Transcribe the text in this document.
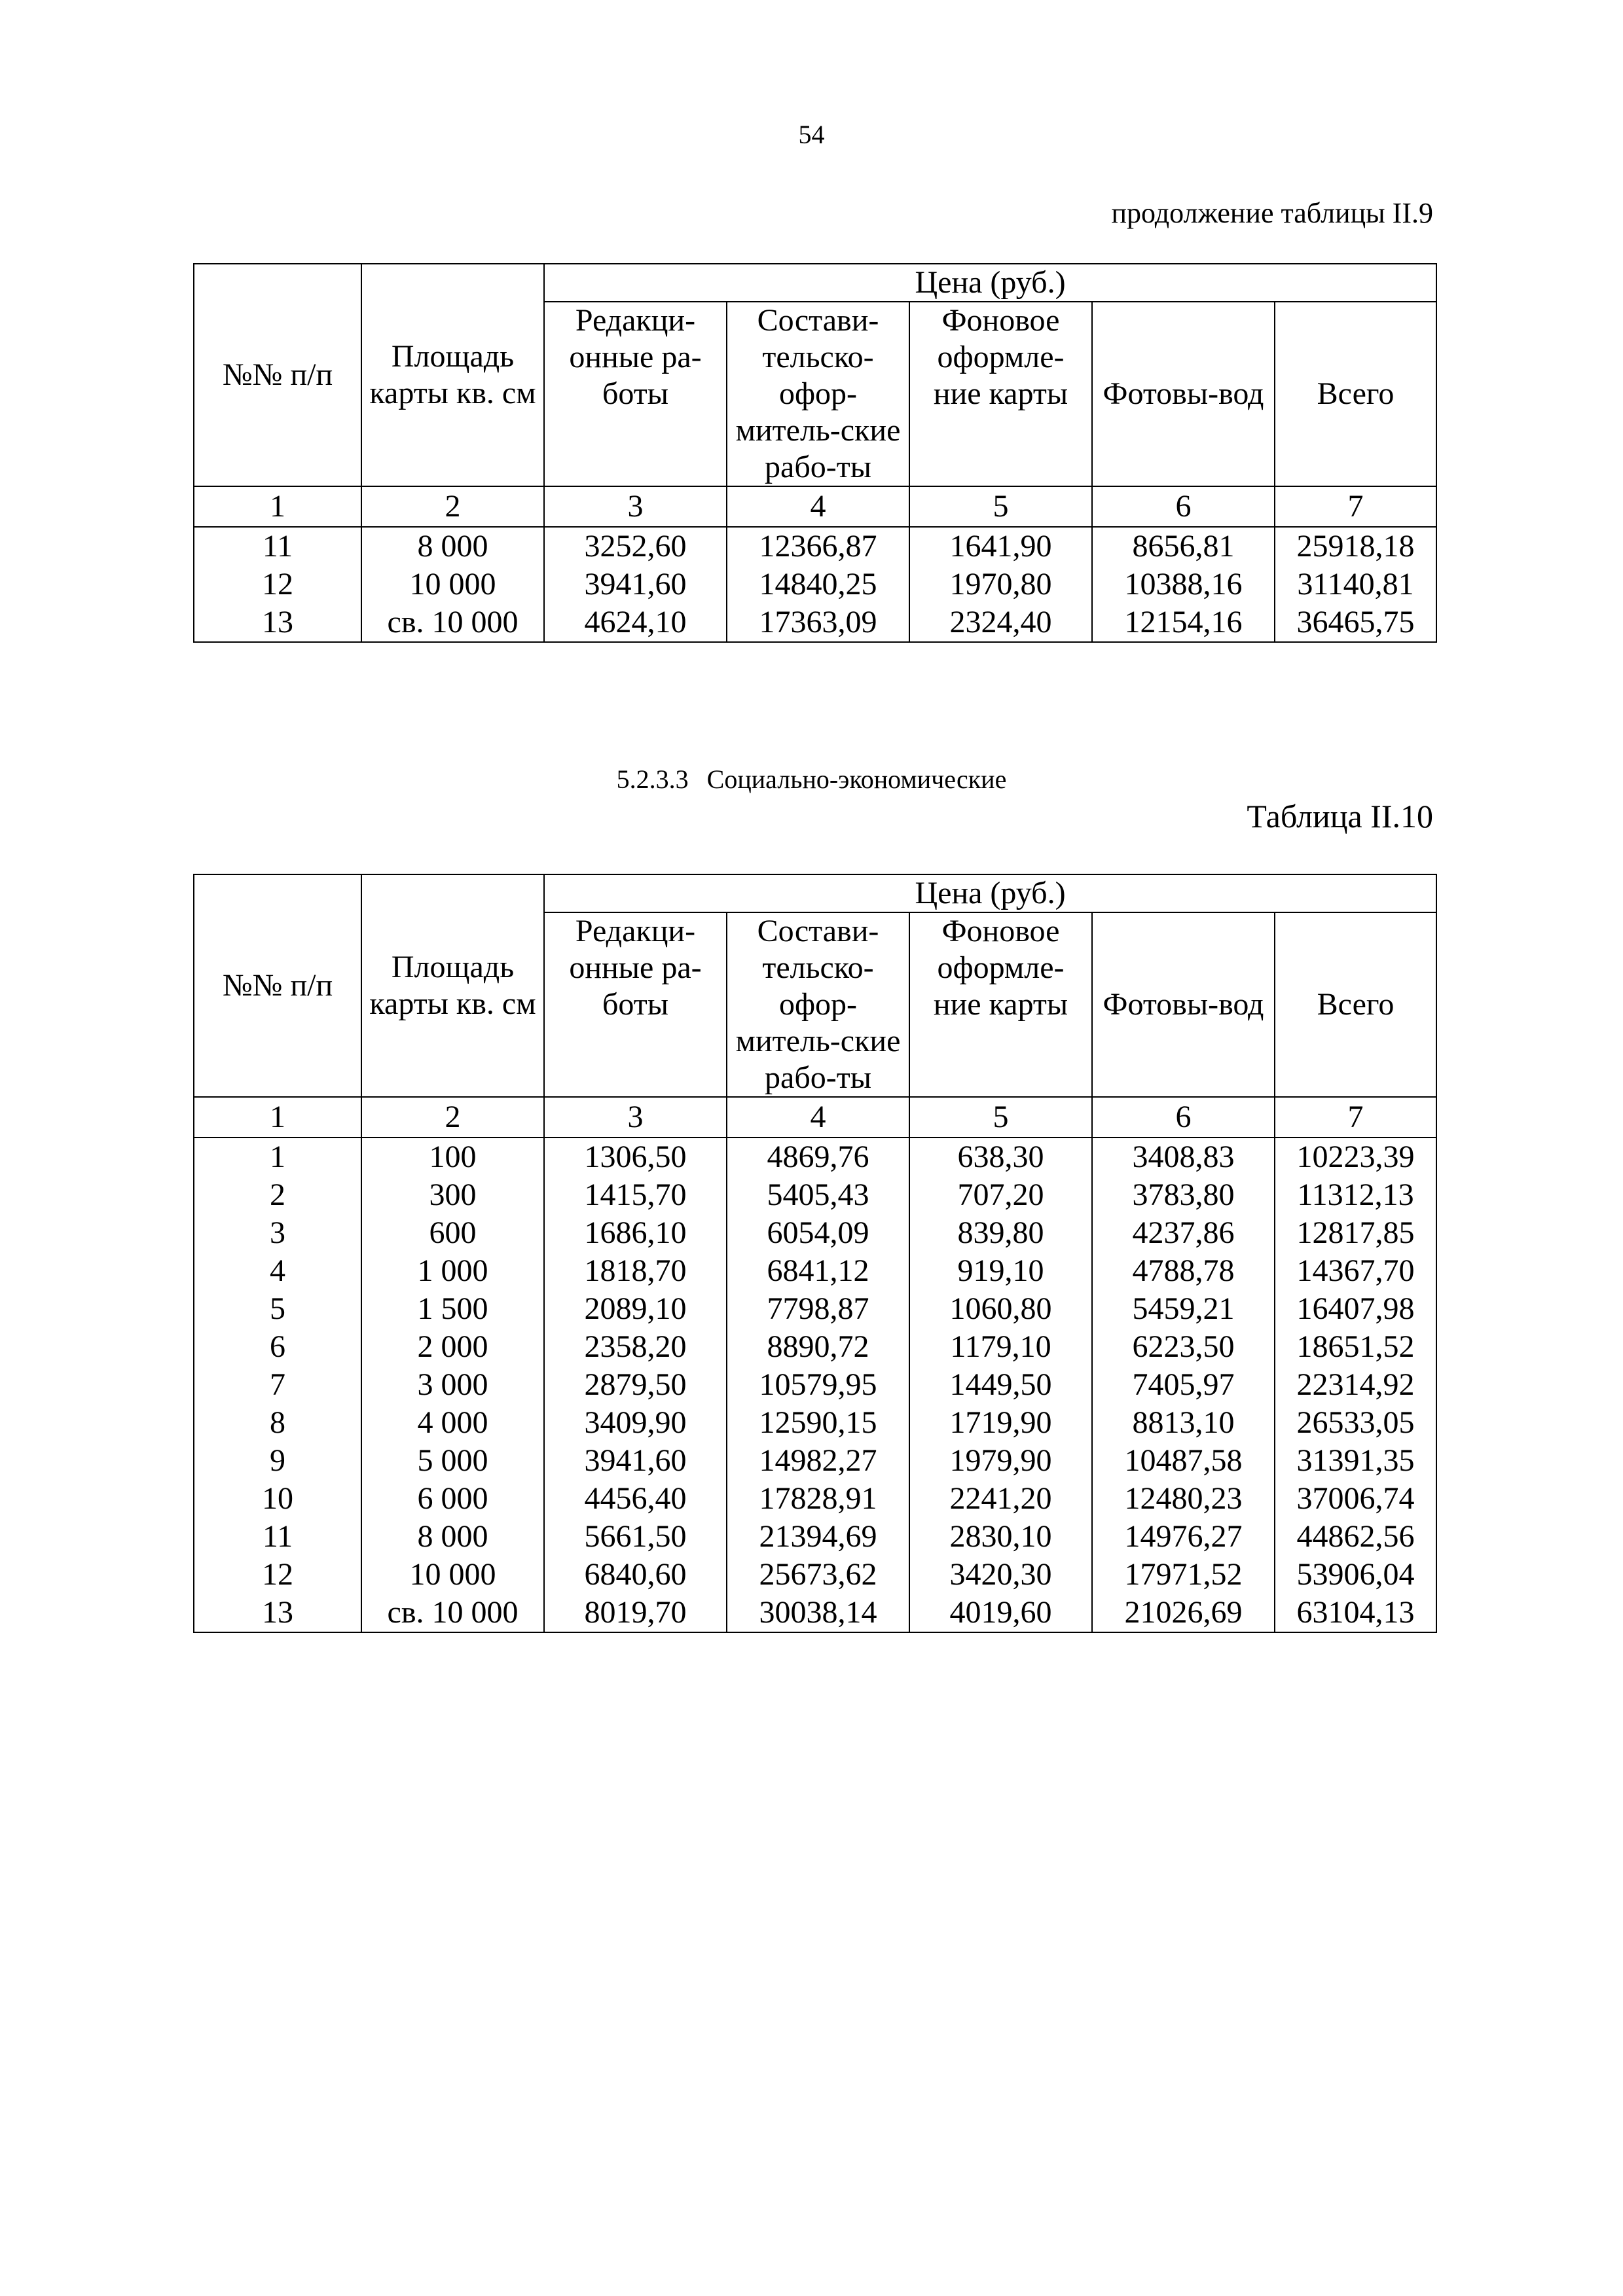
54
продолжение таблицы II.9
№№ п/п	Площадь карты кв. см	Цена (руб.)				
		Редакци-онные ра-боты	Состави-тельско-офор-митель-ские рабо-ты	Фоновое оформле-ние карты	Фотовы-вод	Всего
1	2	3	4	5	6	7
11	8 000	3252,60	12366,87	1641,90	8656,81	25918,18
12	10 000	3941,60	14840,25	1970,80	10388,16	31140,81
13	св. 10 000	4624,10	17363,09	2324,40	12154,16	36465,75
5.2.3.3 Социально-экономические
Таблица II.10
№№ п/п	Площадь карты кв. см	Цена (руб.)				
		Редакци-онные ра-боты	Состави-тельско-офор-митель-ские рабо-ты	Фоновое оформле-ние карты	Фотовы-вод	Всего
1	2	3	4	5	6	7
1	100	1306,50	4869,76	638,30	3408,83	10223,39
2	300	1415,70	5405,43	707,20	3783,80	11312,13
3	600	1686,10	6054,09	839,80	4237,86	12817,85
4	1 000	1818,70	6841,12	919,10	4788,78	14367,70
5	1 500	2089,10	7798,87	1060,80	5459,21	16407,98
6	2 000	2358,20	8890,72	1179,10	6223,50	18651,52
7	3 000	2879,50	10579,95	1449,50	7405,97	22314,92
8	4 000	3409,90	12590,15	1719,90	8813,10	26533,05
9	5 000	3941,60	14982,27	1979,90	10487,58	31391,35
10	6 000	4456,40	17828,91	2241,20	12480,23	37006,74
11	8 000	5661,50	21394,69	2830,10	14976,27	44862,56
12	10 000	6840,60	25673,62	3420,30	17971,52	53906,04
13	св. 10 000	8019,70	30038,14	4019,60	21026,69	63104,13
